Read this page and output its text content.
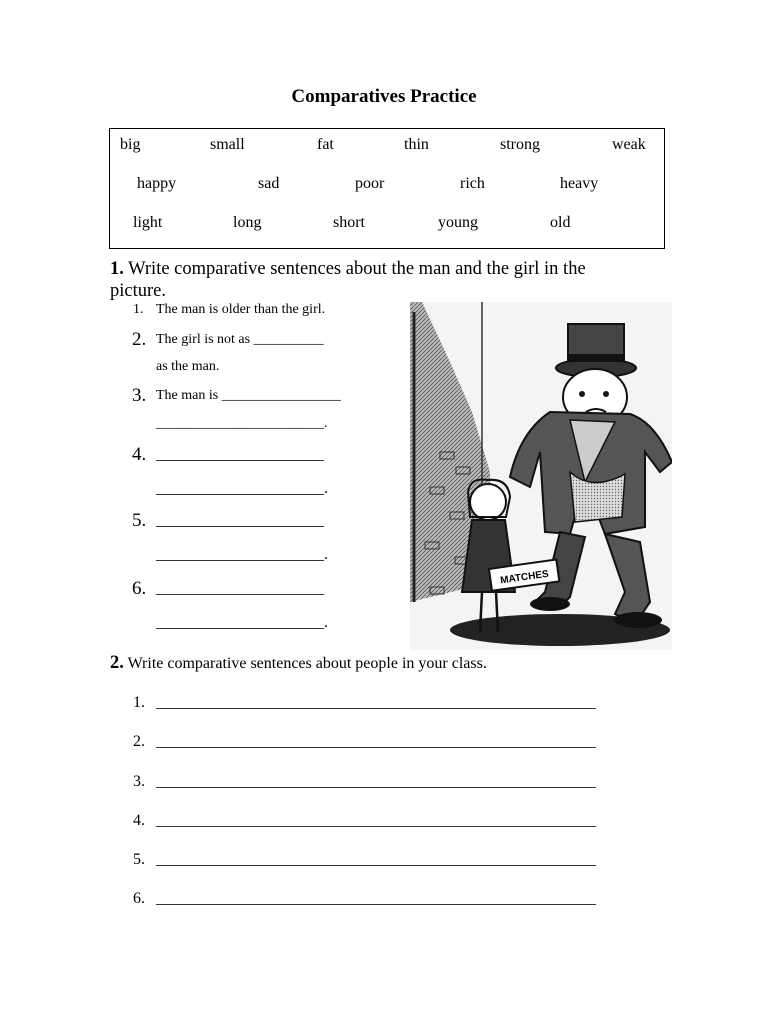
Comparatives Practice
big	small	fat	thin	strong	weak
happy	sad	poor	rich	heavy
light	long	short	young	old
1. Write comparative sentences about the man and the girl in the
picture.
1. The man is older than the girl.
2. The girl is not as __________
as the man.
3. The man is _________________
________________________.
4. _____________________
_____________________.
5. _____________________
_____________________.
6. _____________________
_____________________.
MATCHES
2. Write comparative sentences about people in your class.
1. _______________________________________________________
2. _______________________________________________________
3. _______________________________________________________
4. _______________________________________________________
5. _______________________________________________________
6. _______________________________________________________
